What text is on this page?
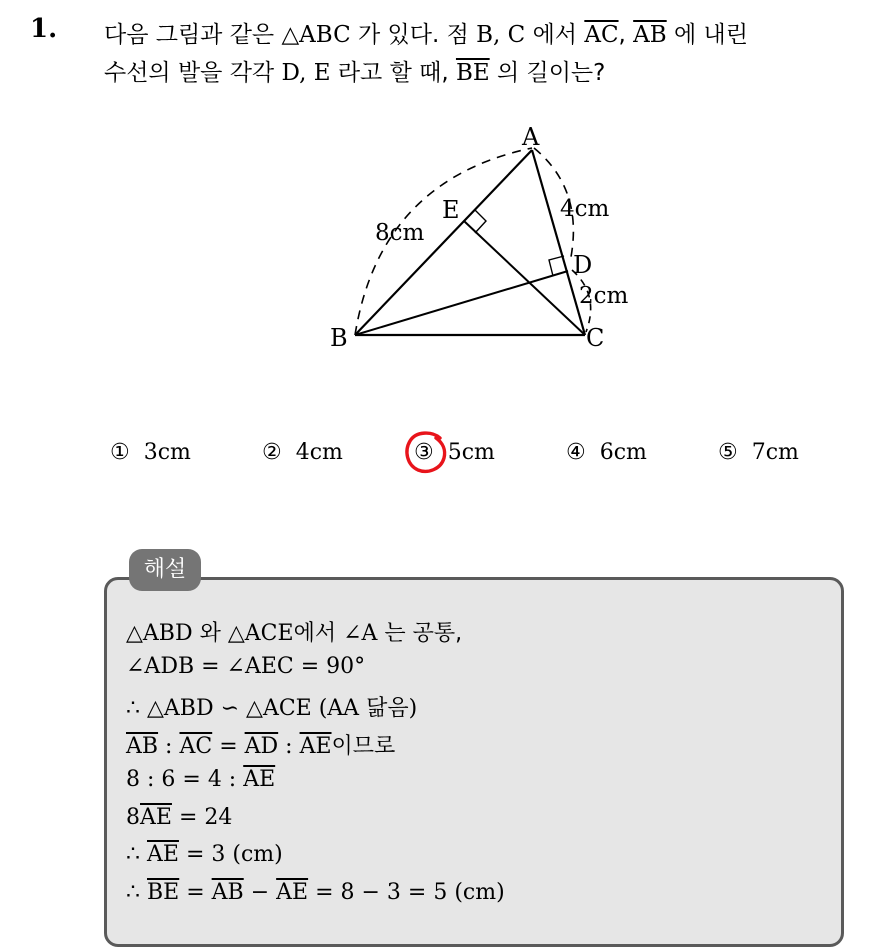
1. 다음 그림과 같은 △ABC 가 있다. 점 B, C 에서 $\overline{AC}$, $\overline{AB}$ 에 내린
수선의 발을 각각 D, E 라고 할 때, $\overline{BE}$ 의 길이는?
A
B	C
D
E
8cm
4cm
2cm
① 3cm	② 4cm	③ 5cm	④ 6cm	⑤ 7cm
해설
△ABD 와 △ACE에서 ∠A 는 공통,
∠ADB = ∠AEC = 90°
∴ △ABD ∽ △ACE (AA 닮음)
$\overline{AB}$ : $\overline{AC} = \overline{AD}$ : $\overline{AE}$이므로
8 : 6 = 4 : $\overline{AE}$
$8\overline{AE} = 24$
∴ $\overline{AE} = 3$ (cm)
∴ $\overline{BE} = \overline{AB} - \overline{AE} = 8 - 3 = 5$ (cm)
